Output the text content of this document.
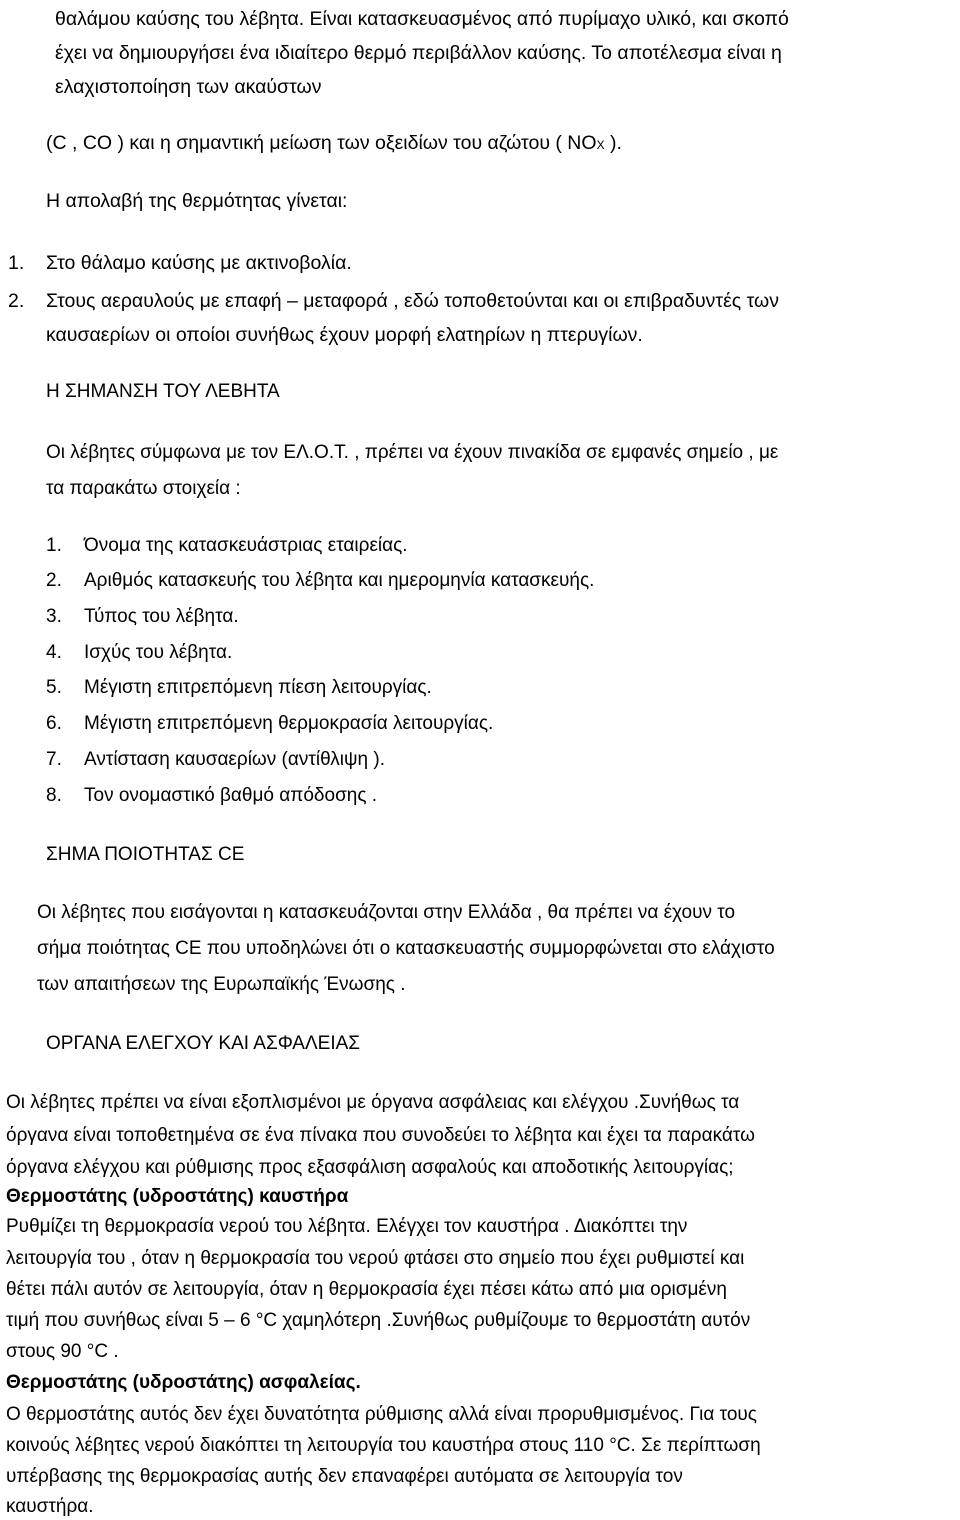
θαλάμου καύσης του λέβητα. Είναι κατασκευασμένος από πυρίμαχο υλικό, και σκοπό
έχει να δημιουργήσει ένα ιδιαίτερο θερμό περιβάλλον καύσης. Το αποτέλεσμα είναι η
ελαχιστοποίηση των ακαύστων
(C , CO ) και η σημαντική μείωση των οξειδίων του αζώτου ( NOX ).
Η απολαβή της θερμότητας γίνεται:
1. Στο θάλαμο καύσης με ακτινοβολία.
2. Στους αεραυλούς με επαφή – μεταφορά , εδώ τοποθετούνται και οι επιβραδυντές των
καυσαερίων οι οποίοι συνήθως έχουν μορφή ελατηρίων η πτερυγίων.
Η ΣΗΜΑΝΣΗ ΤΟΥ ΛΕΒΗΤΑ
Οι λέβητες σύμφωνα με τον ΕΛ.Ο.Τ. , πρέπει να έχουν πινακίδα σε εμφανές σημείο , με
τα παρακάτω στοιχεία :
1. Όνομα της κατασκευάστριας εταιρείας.
2. Αριθμός κατασκευής του λέβητα και ημερομηνία κατασκευής.
3. Τύπος του λέβητα.
4. Ισχύς του λέβητα.
5. Μέγιστη επιτρεπόμενη πίεση λειτουργίας.
6. Μέγιστη επιτρεπόμενη θερμοκρασία λειτουργίας.
7. Αντίσταση καυσαερίων (αντίθλιψη ).
8. Τον ονομαστικό βαθμό απόδοσης .
ΣΗΜΑ ΠΟΙΟΤΗΤΑΣ CE
Οι λέβητες που εισάγονται η κατασκευάζονται στην Ελλάδα , θα πρέπει να έχουν το
σήμα ποιότητας CE που υποδηλώνει ότι ο κατασκευαστής συμμορφώνεται στο ελάχιστο
των απαιτήσεων της Ευρωπαϊκής Ένωσης .
ΟΡΓΑΝΑ ΕΛΕΓΧΟΥ ΚΑΙ ΑΣΦΑΛΕΙΑΣ
Οι λέβητες πρέπει να είναι εξοπλισμένοι με όργανα ασφάλειας και ελέγχου .Συνήθως τα
όργανα είναι τοποθετημένα σε ένα πίνακα που συνοδεύει το λέβητα και έχει τα παρακάτω
όργανα ελέγχου και ρύθμισης προς εξασφάλιση ασφαλούς και αποδοτικής λειτουργίας;
Θερμοστάτης (υδροστάτης) καυστήρα
Ρυθμίζει τη θερμοκρασία νερού του λέβητα. Ελέγχει τον καυστήρα . Διακόπτει την
λειτουργία του , όταν η θερμοκρασία του νερού φτάσει στο σημείο που έχει ρυθμιστεί και
θέτει πάλι αυτόν σε λειτουργία, όταν η θερμοκρασία έχει πέσει κάτω από μια ορισμένη
τιμή που συνήθως είναι 5 – 6 °C χαμηλότερη .Συνήθως ρυθμίζουμε το θερμοστάτη αυτόν
στους 90 °C .
Θερμοστάτης (υδροστάτης) ασφαλείας.
Ο θερμοστάτης αυτός δεν έχει δυνατότητα ρύθμισης αλλά είναι προρυθμισμένος. Για τους
κοινούς λέβητες νερού διακόπτει τη λειτουργία του καυστήρα στους 110 °C. Σε περίπτωση
υπέρβασης της θερμοκρασίας αυτής δεν επαναφέρει αυτόματα σε λειτουργία τον
καυστήρα.
